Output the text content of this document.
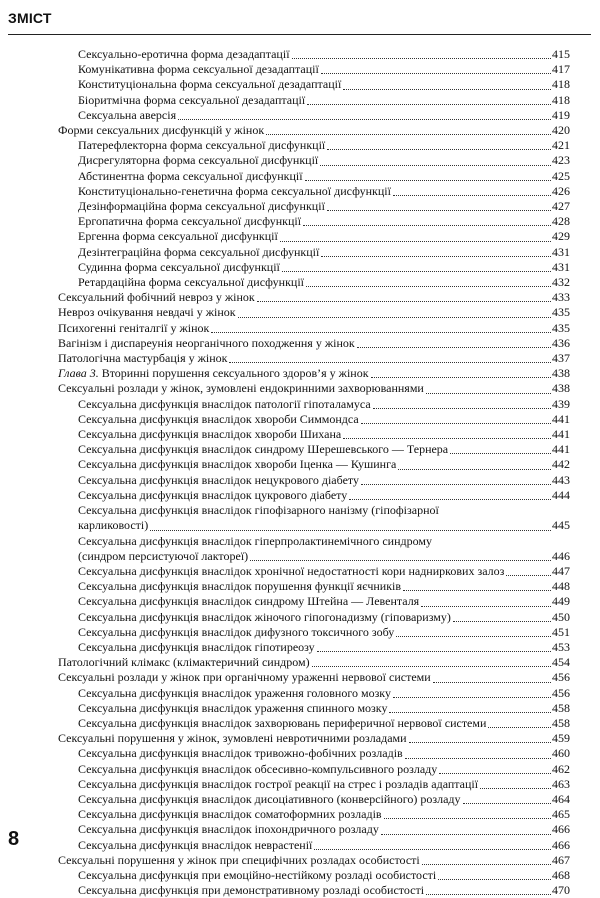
ЗМІСТ
Сексуально-еротична форма дезадаптації	415
Комунікативна форма сексуальної дезадаптації	417
Конституціональна форма сексуальної дезадаптації	418
Біоритмічна форма сексуальної дезадаптації	418
Сексуальна аверсія	419
Форми сексуальних дисфункцій у жінок	420
Патерефлекторна форма сексуальної дисфункції	421
Дисрегуляторна форма сексуальної дисфункції	423
Абстинентна форма сексуальної дисфункції	425
Конституціонально-генетична форма сексуальної дисфункції	426
Дезінформаційна форма сексуальної дисфункції	427
Ергопатична форма сексуальної дисфункції	428
Ергенна форма сексуальної дисфункції	429
Дезінтеграційна форма сексуальної дисфункції	431
Судинна форма сексуальної дисфункції	431
Ретардаційна форма сексуальної дисфункції	432
Сексуальний фобічний невроз у жінок	433
Невроз очікування невдачі у жінок	435
Психогенні геніталгії у жінок	435
Вагінізм і диспареунія неорганічного походження у жінок	436
Патологічна мастурбація у жінок	437
Глава 3. Вторинні порушення сексуального здоров’я у жінок	438
Сексуальні розлади у жінок, зумовлені ендокринними захворюваннями	438
Сексуальна дисфункція внаслідок патології гіпоталамуса	439
Сексуальна дисфункція внаслідок хвороби Симмондса	441
Сексуальна дисфункція внаслідок хвороби Шихана	441
Сексуальна дисфункція внаслідок синдрому Шерешевського — Тернера	441
Сексуальна дисфункція внаслідок хвороби Іценка — Кушинга	442
Сексуальна дисфункція внаслідок нецукрового діабету	443
Сексуальна дисфункція внаслідок цукрового діабету	444
Сексуальна дисфункція внаслідок гіпофізарного нанізму (гіпофізарної
карликовості)	445
Сексуальна дисфункція внаслідок гіперпролактинемічного синдрому
(синдром персистуючої лактореї)	446
Сексуальна дисфункція внаслідок хронічної недостатності кори надниркових залоз	447
Сексуальна дисфункція внаслідок порушення функції яєчників	448
Сексуальна дисфункція внаслідок синдрому Штейна — Левенталя	449
Сексуальна дисфункція внаслідок жіночого гіпогонадизму (гіповаризму)	450
Сексуальна дисфункція внаслідок дифузного токсичного зобу	451
Сексуальна дисфункція внаслідок гіпотиреозу	453
Патологічний клімакс (клімактеричний синдром)	454
Сексуальні розлади у жінок при органічному ураженні нервової системи	456
Сексуальна дисфункція внаслідок ураження головного мозку	456
Сексуальна дисфункція внаслідок ураження спинного мозку	458
Сексуальна дисфункція внаслідок захворювань периферичної нервової системи	458
Сексуальні порушення у жінок, зумовлені невротичними розладами	459
Сексуальна дисфункція внаслідок тривожно-фобічних розладів	460
Сексуальна дисфункція внаслідок обсесивно-компульсивного розладу	462
Сексуальна дисфункція внаслідок гострої реакції на стрес і розладів адаптації	463
Сексуальна дисфункція внаслідок дисоціативного (конверсійного) розладу	464
Сексуальна дисфункція внаслідок соматоформних розладів	465
Сексуальна дисфункція внаслідок іпохондричного розладу	466
Сексуальна дисфункція внаслідок неврастенії	466
Сексуальні порушення у жінок при специфічних розладах особистості	467
Сексуальна дисфункція при емоційно-нестійкому розладі особистості	468
Сексуальна дисфункція при демонстративному розладі особистості	470
8
